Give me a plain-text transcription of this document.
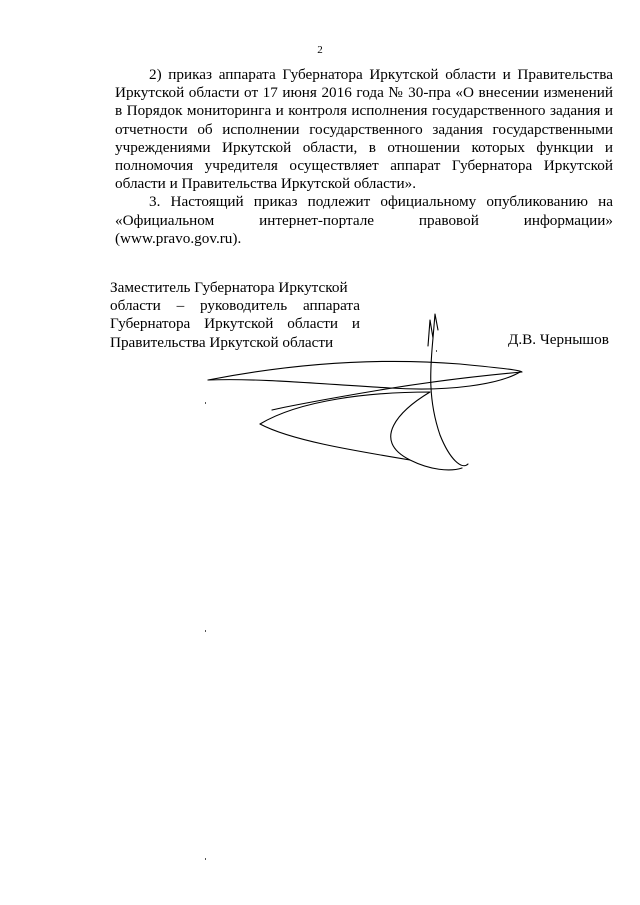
2

2) приказ аппарата Губернатора Иркутской области и Правительства Иркутской области от 17 июня 2016 года № 30-пра «О внесении изменений в Порядок мониторинга и контроля исполнения государственного задания и отчетности об исполнении государственного задания государственными учреждениями Иркутской области, в отношении которых функции и полномочия учредителя осуществляет аппарат Губернатора Иркутской области и Правительства Иркутской области».

3. Настоящий приказ подлежит официальному опубликованию на «Официальном интернет-портале правовой информации» (www.pravo.gov.ru).

Заместитель Губернатора Иркутской
области – руководитель аппарата
Губернатора Иркутской области и
Правительства Иркутской области	Д.В. Чернышов
